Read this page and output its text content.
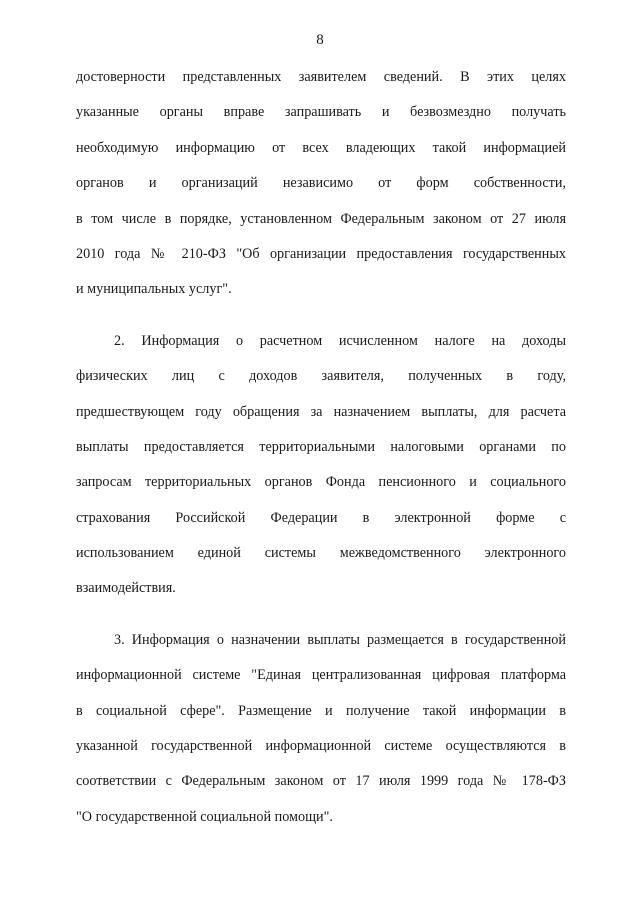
8
достоверности представленных заявителем сведений. В этих целях
указанные органы вправе запрашивать и безвозмездно получать
необходимую информацию от всех владеющих такой информацией
органов и организаций независимо от форм собственности,
в том числе в порядке, установленном Федеральным законом от 27 июля
2010 года № 210-ФЗ "Об организации предоставления государственных
и муниципальных услуг".
2. Информация о расчетном исчисленном налоге на доходы
физических лиц с доходов заявителя, полученных в году,
предшествующем году обращения за назначением выплаты, для расчета
выплаты предоставляется территориальными налоговыми органами по
запросам территориальных органов Фонда пенсионного и социального
страхования Российской Федерации в электронной форме с
использованием единой системы межведомственного электронного
взаимодействия.
3. Информация о назначении выплаты размещается в государственной
информационной системе "Единая централизованная цифровая платформа
в социальной сфере". Размещение и получение такой информации в
указанной государственной информационной системе осуществляются в
соответствии с Федеральным законом от 17 июля 1999 года № 178-ФЗ
"О государственной социальной помощи".
